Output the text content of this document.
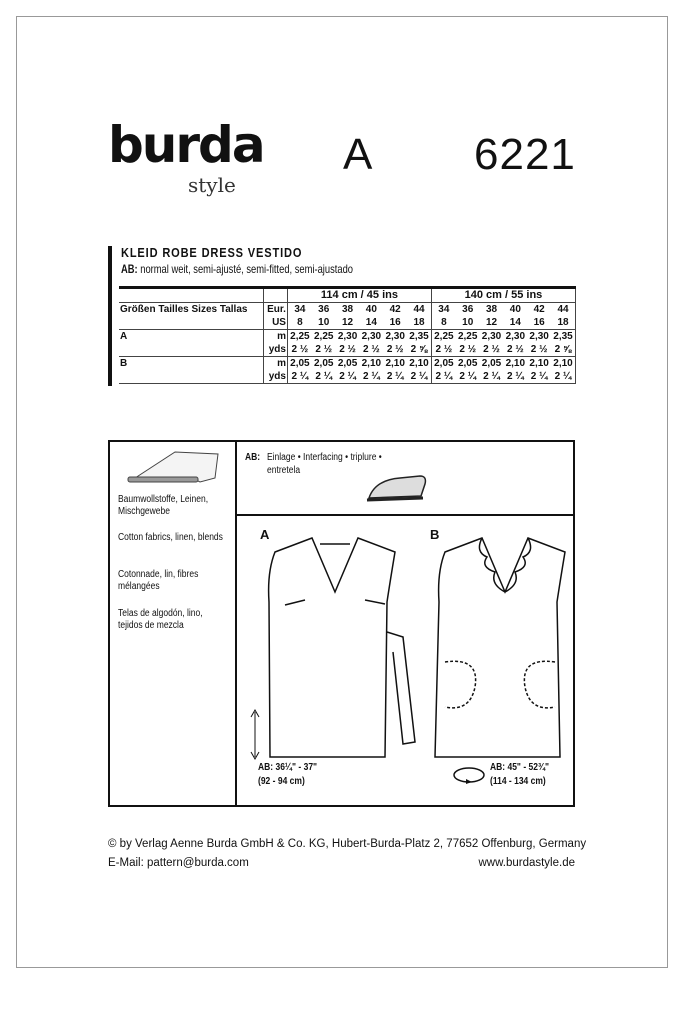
burda
style
A 6221
KLEID ROBE DRESS VESTIDO
AB: normal weit, semi-ajusté, semi-fitted, semi-ajustado
		114 cm / 45 ins						140 cm / 55 ins					
Größen Tailles Sizes Tallas	Eur.	34	36	38	40	42	44	34	36	38	40	42	44
	US	8	10	12	14	16	18	8	10	12	14	16	18
A	m	2,25	2,25	2,30	2,30	2,30	2,35	2,25	2,25	2,30	2,30	2,30	2,35
	yds	2 ½	2 ½	2 ½	2 ½	2 ½	2 ⅝	2 ½	2 ½	2 ½	2 ½	2 ½	2 ⅝
B	m	2,05	2,05	2,05	2,10	2,10	2,10	2,05	2,05	2,05	2,10	2,10	2,10
	yds	2 ¼	2 ¼	2 ¼	2 ¼	2 ¼	2 ¼	2 ¼	2 ¼	2 ¼	2 ¼	2 ¼	2 ¼
Baumwollstoffe, Leinen, Mischgewebe
Cotton fabrics, linen, blends
Cotonnade, lin, fibres mélangées
Telas de algodón, lino, tejidos de mezcla
AB: Einlage • Interfacing • triplure •
entretela
A	B
AB: 36¼" - 37"
(92 - 94 cm)
AB: 45" - 52¾"
(114 - 134 cm)
© by Verlag Aenne Burda GmbH & Co. KG, Hubert-Burda-Platz 2, 77652 Offenburg, Germany
E-Mail: pattern@burda.com	www.burdastyle.de
